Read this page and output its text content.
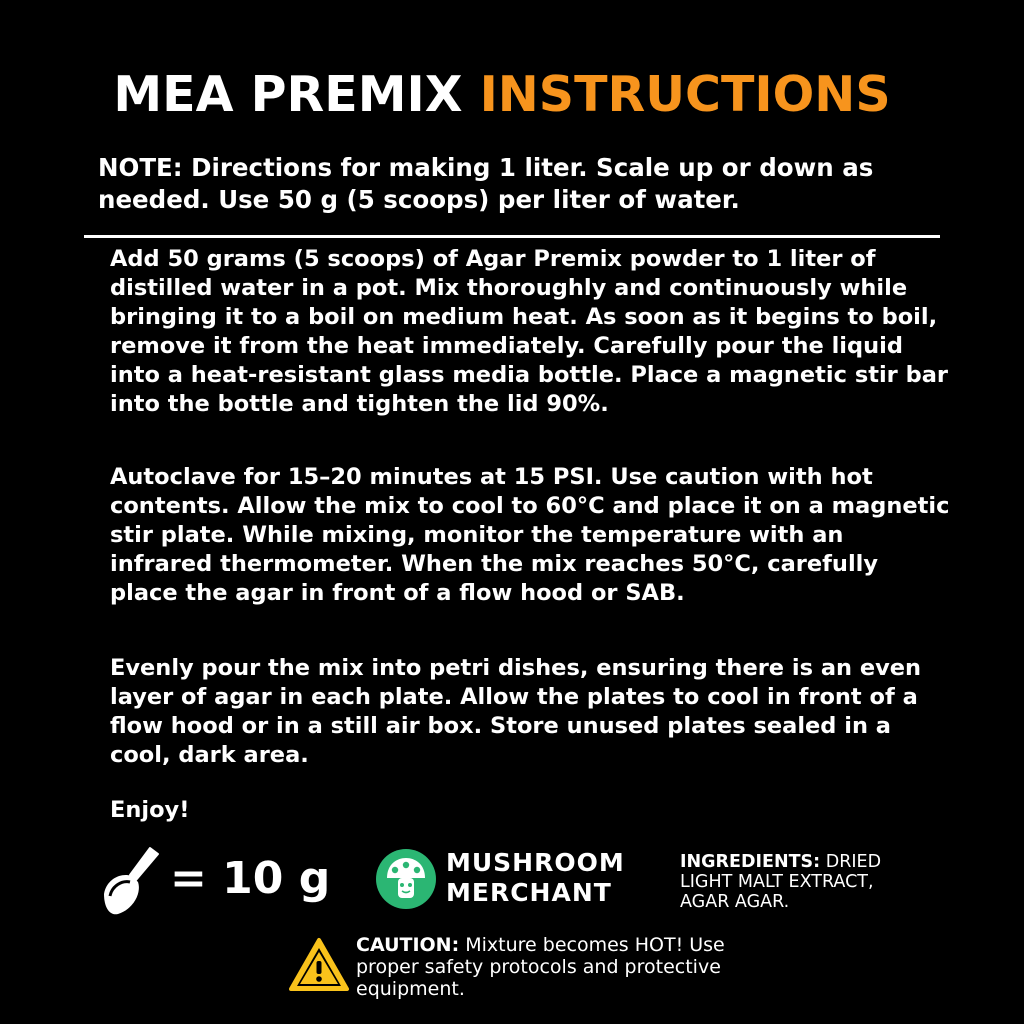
MEA PREMIX INSTRUCTIONS
NOTE: Directions for making 1 liter. Scale up or down as needed. Use 50 g (5 scoops) per liter of water.
Add 50 grams (5 scoops) of Agar Premix powder to 1 liter of distilled water in a pot. Mix thoroughly and continuously while bringing it to a boil on medium heat. As soon as it begins to boil, remove it from the heat immediately. Carefully pour the liquid into a heat-resistant glass media bottle. Place a magnetic stir bar into the bottle and tighten the lid 90%.
Autoclave for 15–20 minutes at 15 PSI. Use caution with hot contents. Allow the mix to cool to 60°C and place it on a magnetic stir plate. While mixing, monitor the temperature with an infrared thermometer. When the mix reaches 50°C, carefully place the agar in front of a flow hood or SAB.
Evenly pour the mix into petri dishes, ensuring there is an even layer of agar in each plate. Allow the plates to cool in front of a flow hood or in a still air box. Store unused plates sealed in a cool, dark area.
Enjoy!
= 10 g	MUSHROOM
MERCHANT
INGREDIENTS: DRIED LIGHT MALT EXTRACT, AGAR AGAR.
CAUTION: Mixture becomes HOT! Use proper safety protocols and protective equipment.
